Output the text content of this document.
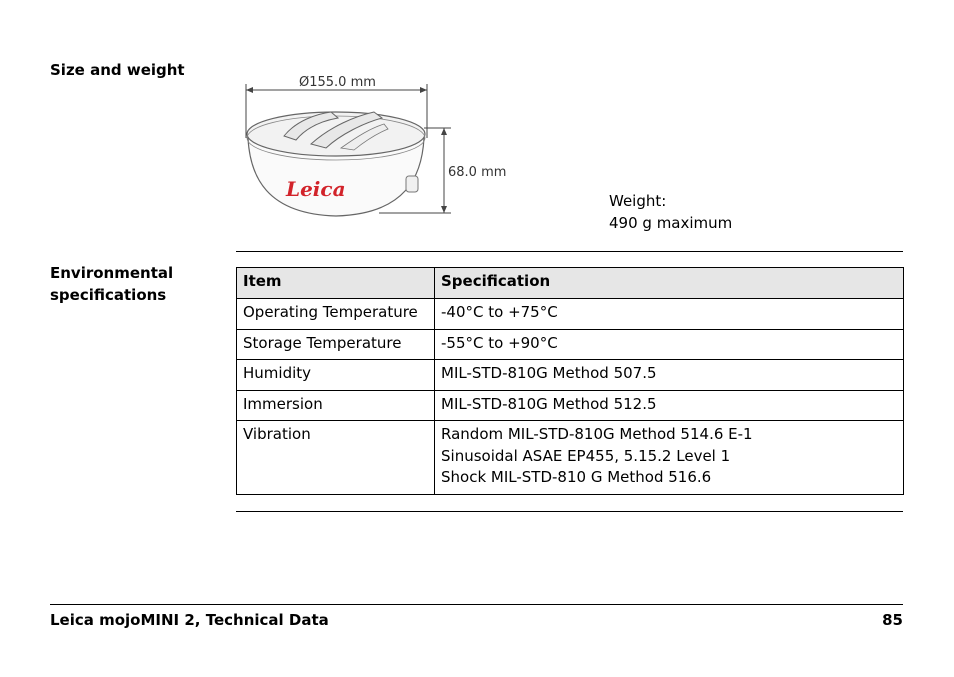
Size and weight
Ø155.0 mm
Leica
68.0 mm
Weight:
490 g maximum
Environmental
specifications
Item	Specification
Operating Temperature	-40°C to +75°C
Storage Temperature	-55°C to +90°C
Humidity	MIL-STD-810G Method 507.5
Immersion	MIL-STD-810G Method 512.5
Vibration	Random MIL-STD-810G Method 514.6 E-1
Sinusoidal ASAE EP455, 5.15.2 Level 1
Shock MIL-STD-810 G Method 516.6
Leica mojoMINI 2, Technical Data	85
